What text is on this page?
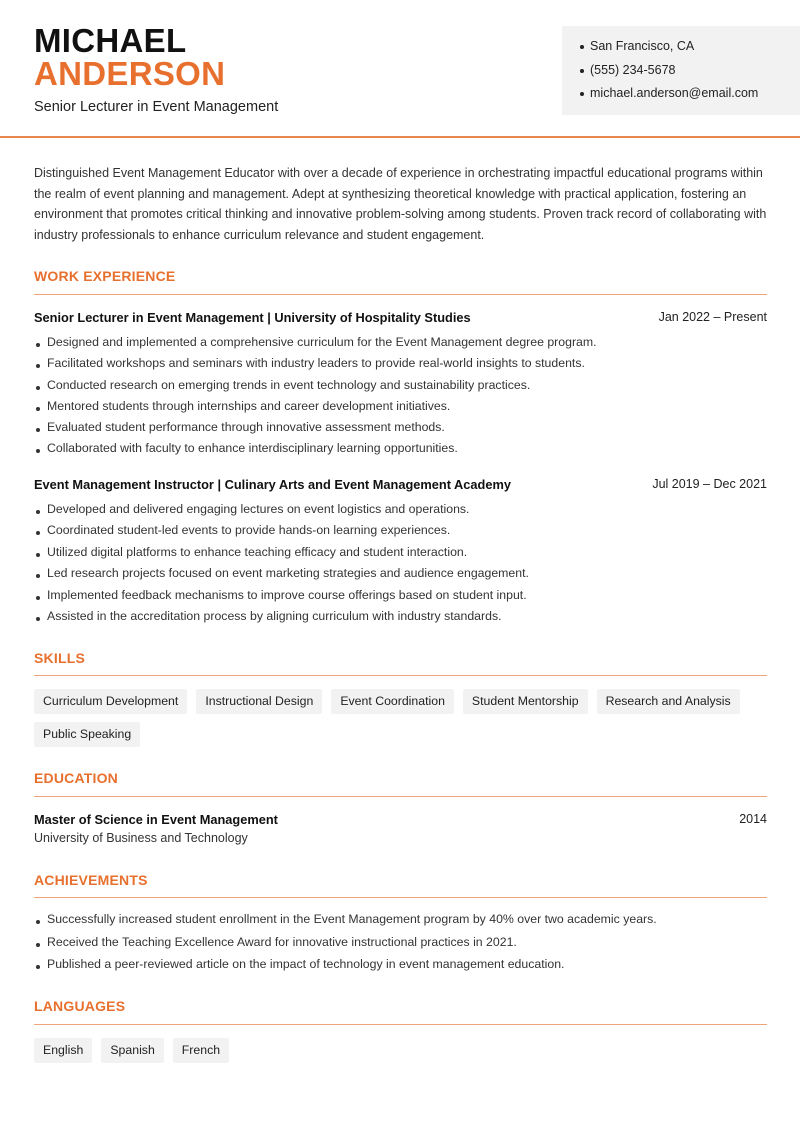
MICHAEL
ANDERSON
Senior Lecturer in Event Management
San Francisco, CA
(555) 234-5678
michael.anderson@email.com

Distinguished Event Management Educator with over a decade of experience in orchestrating impactful educational programs within the realm of event planning and management. Adept at synthesizing theoretical knowledge with practical application, fostering an environment that promotes critical thinking and innovative problem-solving among students. Proven track record of collaborating with industry professionals to enhance curriculum relevance and student engagement.

WORK EXPERIENCE
Senior Lecturer in Event Management | University of Hospitality Studies	Jan 2022 – Present
Designed and implemented a comprehensive curriculum for the Event Management degree program.
Facilitated workshops and seminars with industry leaders to provide real-world insights to students.
Conducted research on emerging trends in event technology and sustainability practices.
Mentored students through internships and career development initiatives.
Evaluated student performance through innovative assessment methods.
Collaborated with faculty to enhance interdisciplinary learning opportunities.
Event Management Instructor | Culinary Arts and Event Management Academy	Jul 2019 – Dec 2021
Developed and delivered engaging lectures on event logistics and operations.
Coordinated student-led events to provide hands-on learning experiences.
Utilized digital platforms to enhance teaching efficacy and student interaction.
Led research projects focused on event marketing strategies and audience engagement.
Implemented feedback mechanisms to improve course offerings based on student input.
Assisted in the accreditation process by aligning curriculum with industry standards.
SKILLS
Curriculum Development	Instructional Design	Event Coordination	Student Mentorship	Research and Analysis
Public Speaking
EDUCATION
Master of Science in Event Management	2014
University of Business and Technology
ACHIEVEMENTS
Successfully increased student enrollment in the Event Management program by 40% over two academic years.
Received the Teaching Excellence Award for innovative instructional practices in 2021.
Published a peer-reviewed article on the impact of technology in event management education.
LANGUAGES
English	Spanish	French
